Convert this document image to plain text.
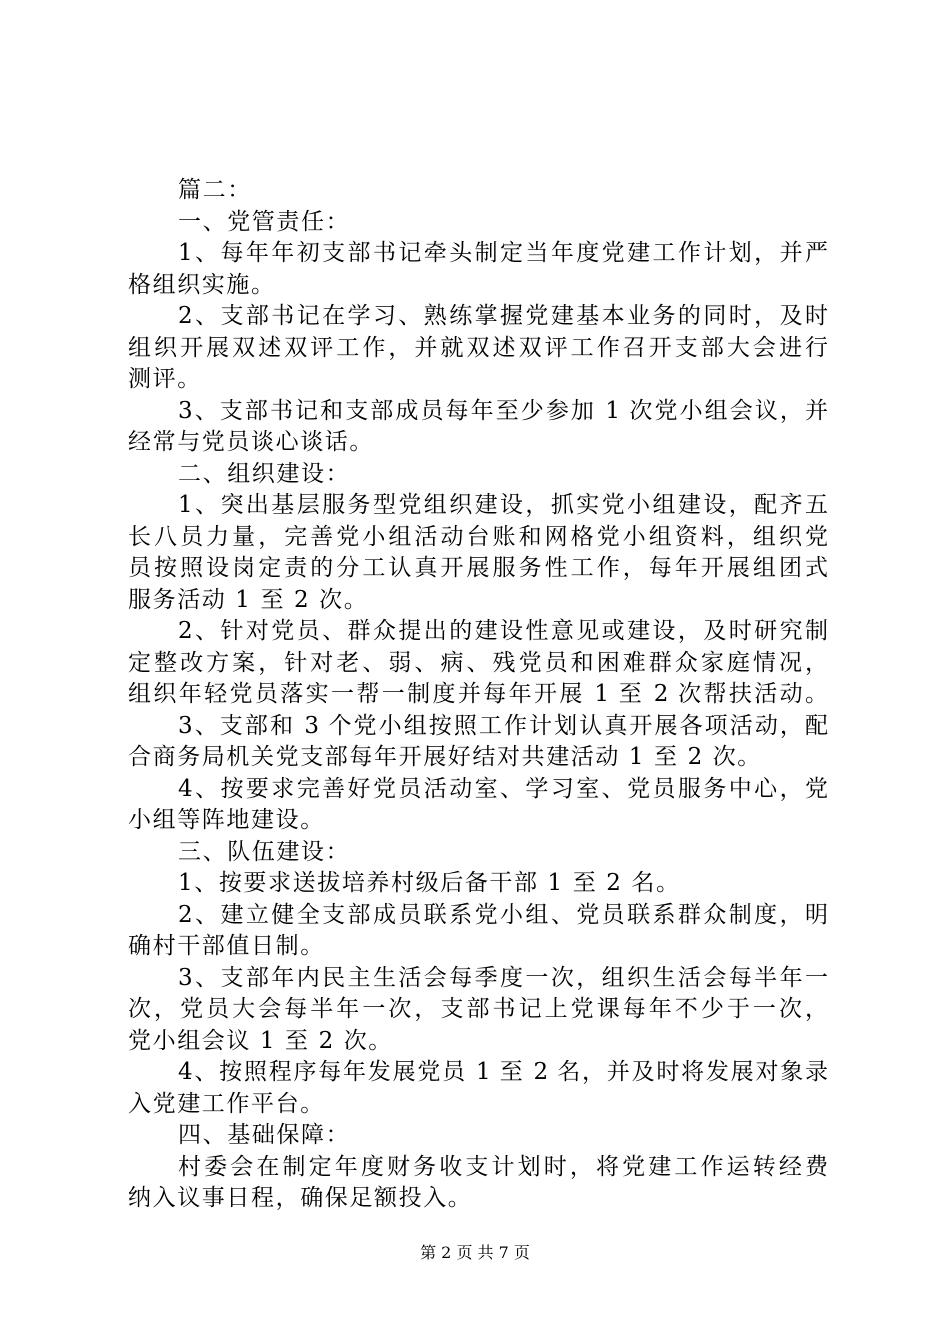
篇二：
一、党管责任：
1、每年年初支部书记牵头制定当年度党建工作计划，并严
格组织实施。
2、支部书记在学习、熟练掌握党建基本业务的同时，及时
组织开展双述双评工作，并就双述双评工作召开支部大会进行
测评。
3、支部书记和支部成员每年至少参加 1 次党小组会议，并
经常与党员谈心谈话。
二、组织建设：
1、突出基层服务型党组织建设，抓实党小组建设，配齐五
长八员力量，完善党小组活动台账和网格党小组资料，组织党
员按照设岗定责的分工认真开展服务性工作，每年开展组团式
服务活动 1 至 2 次。
2、针对党员、群众提出的建设性意见或建设，及时研究制
定整改方案，针对老、弱、病、残党员和困难群众家庭情况，
组织年轻党员落实一帮一制度并每年开展 1 至 2 次帮扶活动。
3、支部和 3 个党小组按照工作计划认真开展各项活动，配
合商务局机关党支部每年开展好结对共建活动 1 至 2 次。
4、按要求完善好党员活动室、学习室、党员服务中心，党
小组等阵地建设。
三、队伍建设：
1、按要求送拔培养村级后备干部 1 至 2 名。
2、建立健全支部成员联系党小组、党员联系群众制度，明
确村干部值日制。
3、支部年内民主生活会每季度一次，组织生活会每半年一
次，党员大会每半年一次，支部书记上党课每年不少于一次，
党小组会议 1 至 2 次。
4、按照程序每年发展党员 1 至 2 名，并及时将发展对象录
入党建工作平台。
四、基础保障：
村委会在制定年度财务收支计划时，将党建工作运转经费
纳入议事日程，确保足额投入。
第 2 页 共 7 页
